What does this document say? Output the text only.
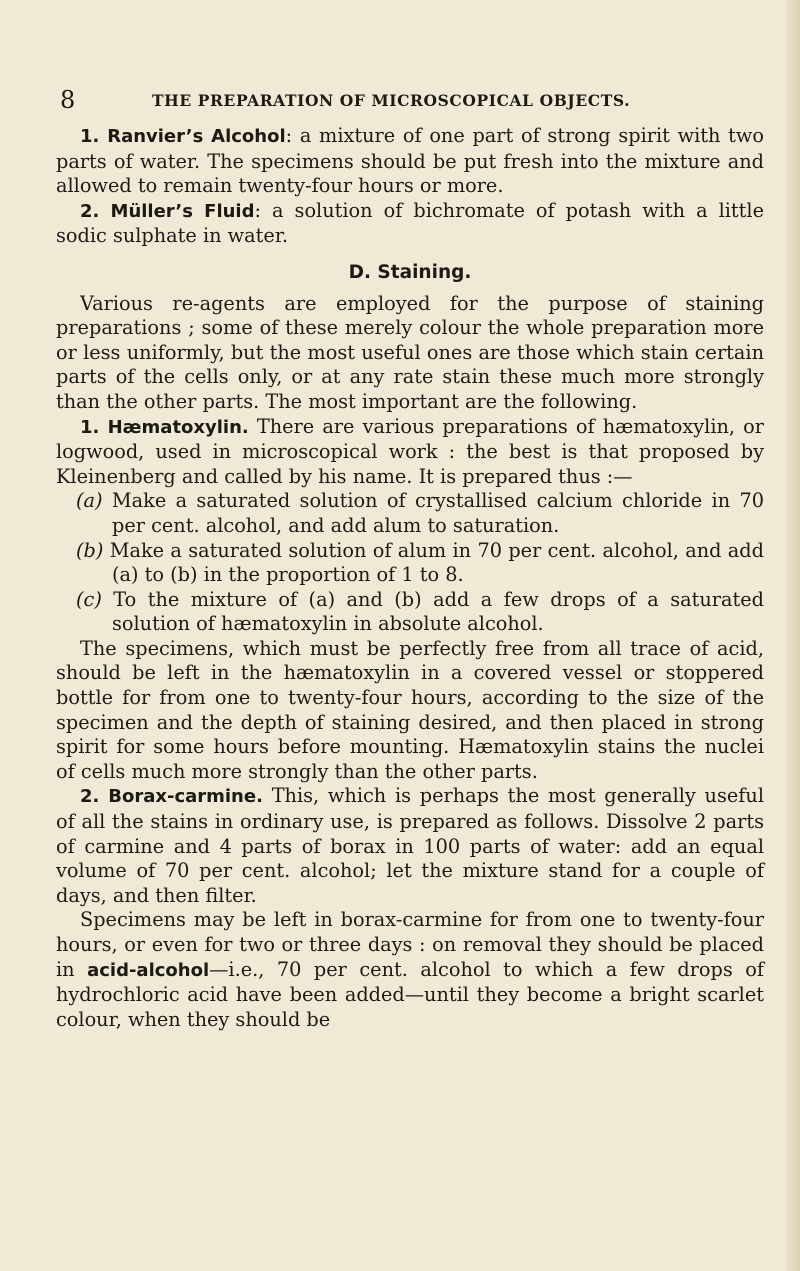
8	THE PREPARATION OF MICROSCOPICAL OBJECTS.

1. Ranvier’s Alcohol: a mixture of one part of strong spirit with two parts of water. The specimens should be put fresh into the mixture and allowed to remain twenty-four hours or more.

2. Müller’s Fluid: a solution of bichromate of potash with a little sodic sulphate in water.

D. Staining.

Various re-agents are employed for the purpose of staining preparations ; some of these merely colour the whole preparation more or less uniformly, but the most useful ones are those which stain certain parts of the cells only, or at any rate stain these much more strongly than the other parts. The most important are the following.

1. Hæmatoxylin. There are various preparations of hæmatoxylin, or logwood, used in microscopical work : the best is that proposed by Kleinenberg and called by his name. It is prepared thus :—

(a) Make a saturated solution of crystallised calcium chloride in 70 per cent. alcohol, and add alum to saturation.

(b) Make a saturated solution of alum in 70 per cent. alcohol, and add (a) to (b) in the proportion of 1 to 8.

(c) To the mixture of (a) and (b) add a few drops of a saturated solution of hæmatoxylin in absolute alcohol.

The specimens, which must be perfectly free from all trace of acid, should be left in the hæmatoxylin in a covered vessel or stoppered bottle for from one to twenty-four hours, according to the size of the specimen and the depth of staining desired, and then placed in strong spirit for some hours before mounting. Hæmatoxylin stains the nuclei of cells much more strongly than the other parts.

2. Borax-carmine. This, which is perhaps the most generally useful of all the stains in ordinary use, is prepared as follows. Dissolve 2 parts of carmine and 4 parts of borax in 100 parts of water: add an equal volume of 70 per cent. alcohol; let the mixture stand for a couple of days, and then filter.

Specimens may be left in borax-carmine for from one to twenty-four hours, or even for two or three days : on removal they should be placed in acid-alcohol—i.e., 70 per cent. alcohol to which a few drops of hydrochloric acid have been added—until they become a bright scarlet colour, when they should be
